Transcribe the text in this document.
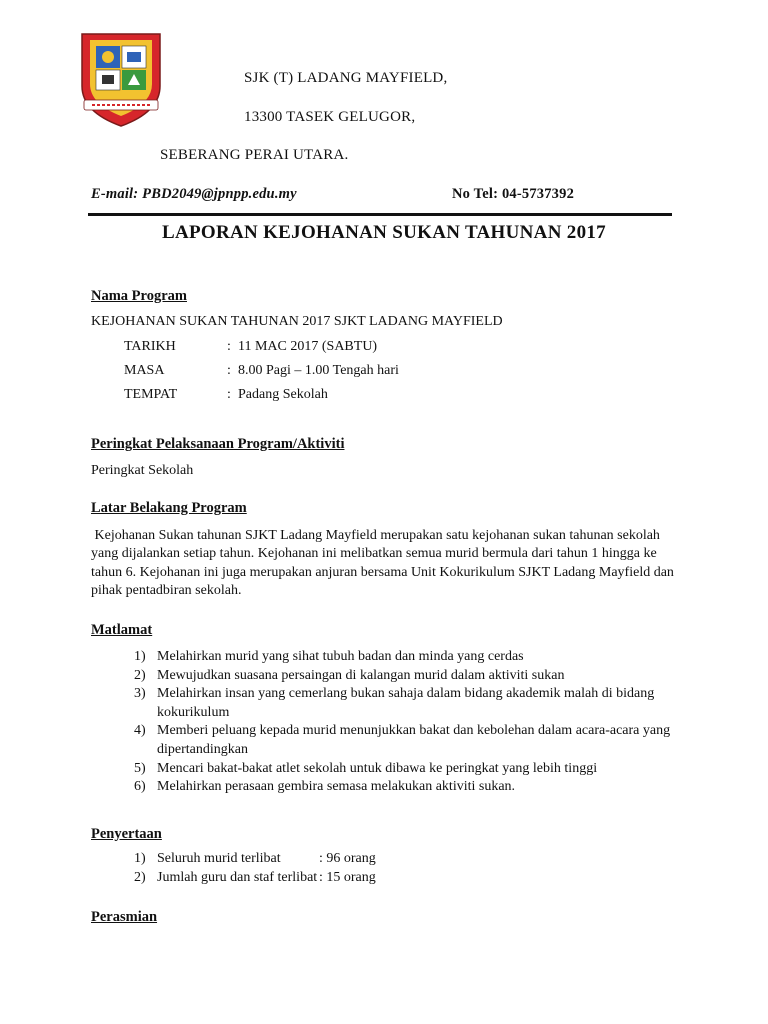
SJK (T) LADANG MAYFIELD,
13300 TASEK GELUGOR,
SEBERANG PERAI UTARA.
E-mail: PBD2049@jpnpp.edu.my	No Tel: 04-5737392
LAPORAN KEJOHANAN SUKAN TAHUNAN 2017
Nama Program
KEJOHANAN SUKAN TAHUNAN 2017 SJKT LADANG MAYFIELD
TARIKH	: 11 MAC 2017 (SABTU)
MASA	: 8.00 Pagi – 1.00 Tengah hari
TEMPAT	: Padang Sekolah
Peringkat Pelaksanaan Program/Aktiviti
Peringkat Sekolah
Latar Belakang Program
Kejohanan Sukan tahunan SJKT Ladang Mayfield merupakan satu kejohanan sukan tahunan sekolah yang dijalankan setiap tahun. Kejohanan ini melibatkan semua murid bermula dari tahun 1 hingga ke tahun 6. Kejohanan ini juga merupakan anjuran bersama Unit Kokurikulum SJKT Ladang Mayfield dan pihak pentadbiran sekolah.
Matlamat
1) Melahirkan murid yang sihat tubuh badan dan minda yang cerdas
2) Mewujudkan suasana persaingan di kalangan murid dalam aktiviti sukan
3) Melahirkan insan yang cemerlang bukan sahaja dalam bidang akademik malah di bidang kokurikulum
4) Memberi peluang kepada murid menunjukkan bakat dan kebolehan dalam acara-acara yang dipertandingkan
5) Mencari bakat-bakat atlet sekolah untuk dibawa ke peringkat yang lebih tinggi
6) Melahirkan perasaan gembira semasa melakukan aktiviti sukan.
Penyertaan
1) Seluruh murid terlibat	: 96 orang
2) Jumlah guru dan staf terlibat : 15 orang
Perasmian
